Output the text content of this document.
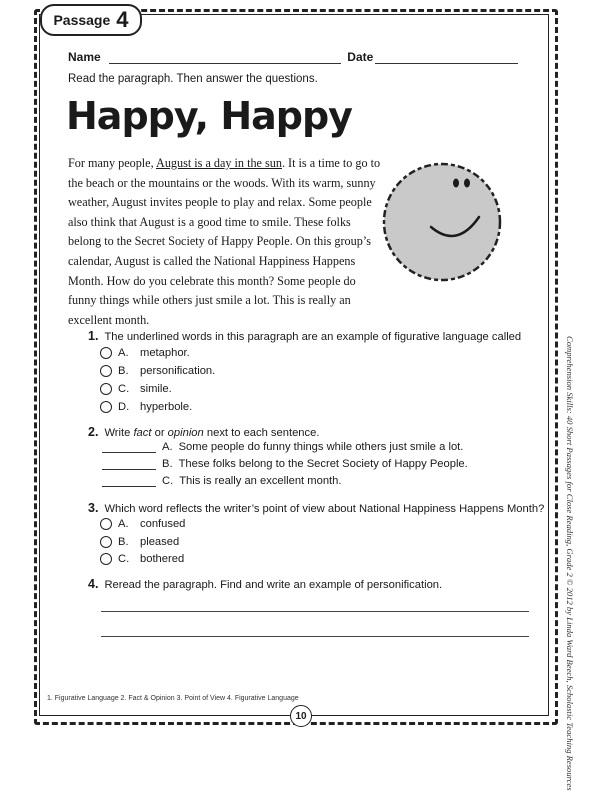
Passage 4
Name	Date
Read the paragraph. Then answer the questions.
Happy, Happy
For many people, August is a day in the sun. It is a time to go to the beach or the mountains or the woods. With its warm, sunny weather, August invites people to play and relax. Some people also think that August is a good time to smile. These folks belong to the Secret Society of Happy People. On this group’s calendar, August is called the National Happiness Happens Month. How do you celebrate this month? Some people do funny things while others just smile a lot. This is really an excellent month.
1. The underlined words in this paragraph are an example of figurative language called
A.	metaphor.
B.	personification.
C. simile.
D. hyperbole.
2. Write fact or opinion next to each sentence.
A. Some people do funny things while others just smile a lot.
B. These folks belong to the Secret Society of Happy People.
C. This is really an excellent month.
3. Which word reflects the writer’s point of view about National Happiness Happens Month?
A.	confused
B.	pleased
C. bothered
4. Reread the paragraph. Find and write an example of personification.	Comprehension Skills: 40 Short Passages for Close Reading, Grade 2 © 2012 by Linda Ward Beech, Scholastic Teaching Resources
1. Figurative Language 2. Fact & Opinion 3. Point of View 4. Figurative Language
10
